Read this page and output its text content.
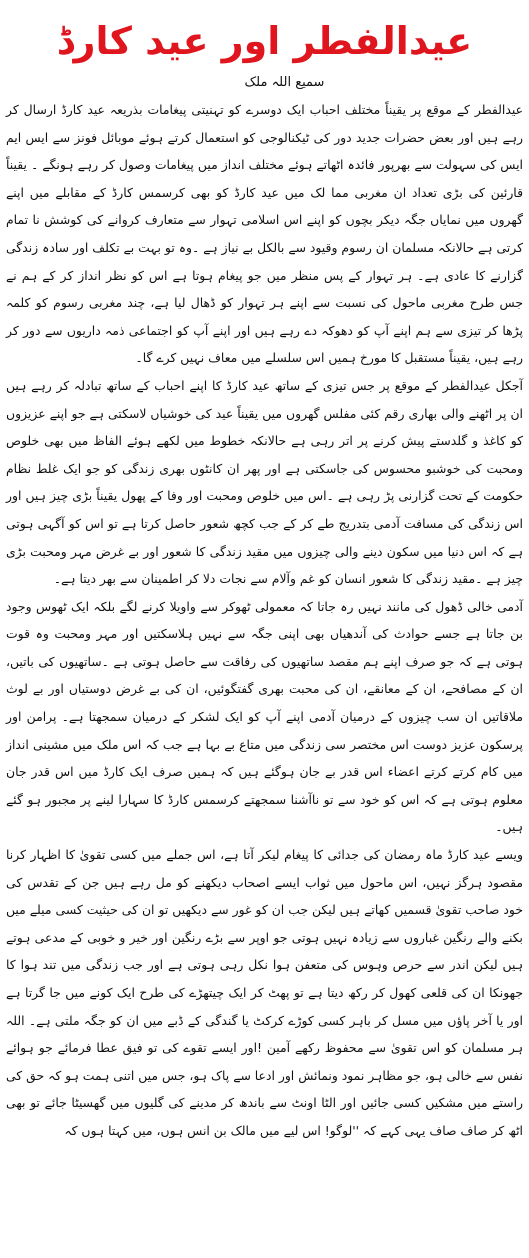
عیدالفطر اور عید کارڈ
سمیع اللہ ملک

عیدالفطر کے موقع پر یقیناً مختلف احباب ایک دوسرے کو تہنیتی پیغامات بذریعہ عید کارڈ ارسال کر رہے ہیں اور بعض حضرات جدید دور کی ٹیکنالوجی کو استعمال کرتے ہوئے موبائل فونز سے ایس ایم ایس کی سہولت سے بھرپور فائدہ اٹھاتے ہوئے مختلف انداز میں پیغامات وصول کر رہے ہونگے ۔ یقیناً قارئین کی بڑی تعداد ان مغربی مما لک میں عید کارڈ کو بھی کرسمس کارڈ کے مقابلے میں اپنے گھروں میں نمایاں جگہ دیکر بچوں کو اپنے اس اسلامی تہوار سے متعارف کروانے کی کوشش نا تمام کرتی ہے حالانکہ مسلمان ان رسوم وقیود سے بالکل بے نیاز ہے ۔وہ تو بہت بے تکلف اور سادہ زندگی گزارنے کا عادی ہے۔ ہر تہوار کے پس منظر میں جو پیغام ہوتا ہے اس کو نظر انداز کر کے ہم نے جس طرح مغربی ماحول کی نسبت سے اپنے ہر تہوار کو ڈھال لیا ہے، چند مغربی رسوم کو کلمہ پڑھا کر تیزی سے ہم اپنے آپ کو دھوکہ دے رہے ہیں اور اپنے آپ کو اجتماعی ذمہ داریوں سے دور کر رہے ہیں، یقیناً مستقبل کا مورخ ہمیں اس سلسلے میں معاف نہیں کرے گا۔

آجکل عیدالفطر کے موقع پر جس تیزی کے ساتھ عید کارڈ کا اپنے احباب کے ساتھ تبادلہ کر رہے ہیں ان پر اٹھنے والی بھاری رقم کئی مفلس گھروں میں یقیناً عید کی خوشیاں لاسکتی ہے جو اپنے عزیزوں کو کاغذ و گلدستے پیش کرنے پر اتر رہی ہے حالانکہ خطوط میں لکھے ہوئے الفاظ میں بھی خلوص ومحبت کی خوشبو محسوس کی جاسکتی ہے اور پھر ان کانٹوں بھری زندگی کو جو ایک غلط نظام حکومت کے تحت گزارنی پڑ رہی ہے ۔اس میں خلوص ومحبت اور وفا کے پھول یقیناً بڑی چیز ہیں اور اس زندگی کی مسافت آدمی بتدریج طے کر کے جب کچھ شعور حاصل کرتا ہے تو اس کو آگہی ہوتی ہے کہ اس دنیا میں سکون دینے والی چیزوں میں مقید زندگی کا شعور اور بے غرض مہر ومحبت بڑی چیز ہے ۔مقید زندگی کا شعور انسان کو غم وآلام سے نجات دلا کر اطمینان سے بھر دیتا ہے۔

آدمی خالی ڈھول کی مانند نہیں رہ جاتا کہ معمولی ٹھوکر سے واویلا کرنے لگے بلکہ ایک ٹھوس وجود بن جاتا ہے جسے حوادث کی آندھیاں بھی اپنی جگہ سے نہیں ہلاسکتیں اور مہر ومحبت وہ قوت ہوتی ہے کہ جو صرف اپنے ہم مقصد ساتھیوں کی رفاقت سے حاصل ہوتی ہے ۔ساتھیوں کی باتیں، ان کے مصافحے، ان کے معانقے، ان کی محبت بھری گفتگوئیں، ان کی بے غرض دوستیاں اور بے لوث ملاقاتیں ان سب چیزوں کے درمیان آدمی اپنے آپ کو ایک لشکر کے درمیان سمجھتا ہے۔ پرامن اور پرسکون عزیز دوست اس مختصر سی زندگی میں متاع بے بہا ہے جب کہ اس ملک میں مشینی انداز میں کام کرتے کرتے اعضاء اس قدر بے جان ہوگئے ہیں کہ ہمیں صرف ایک کارڈ میں اس قدر جان معلوم ہوتی ہے کہ اس کو خود سے تو ناآشنا سمجھتے کرسمس کارڈ کا سہارا لینے پر مجبور ہو گئے ہیں۔

ویسے عید کارڈ ماہ رمضان کی جدائی کا پیغام لیکر آتا ہے، اس جملے میں کسی تقویٰ کا اظہار کرنا مقصود ہرگز نہیں، اس ماحول میں ثواب ایسے اصحاب دیکھنے کو مل رہے ہیں جن کے تقدس کی خود صاحب تقویٰ قسمیں کھاتے ہیں لیکن جب ان کو غور سے دیکھیں تو ان کی حیثیت کسی میلے میں بکنے والے رنگین غباروں سے زیادہ نہیں ہوتی جو اوپر سے بڑے رنگین اور خیر و خوبی کے مدعی ہوتے ہیں لیکن اندر سے حرص وہوس کی متعفن ہوا نکل رہی ہوتی ہے اور جب زندگی میں تند ہوا کا جھونکا ان کی قلعی کھول کر رکھ دیتا ہے تو پھٹ کر ایک چیتھڑے کی طرح ایک کونے میں جا گرتا ہے اور یا آخر پاؤں میں مسل کر باہر کسی کوڑے کرکٹ یا گندگی کے ڈبے میں ان کو جگہ ملتی ہے۔ اللہ ہر مسلمان کو اس تقویٰ سے محفوظ رکھے آمین !اور ایسے تقوے کی تو فیق عطا فرمائے جو ہوائے نفس سے خالی ہو، جو مظاہر نمود ونمائش اور ادعا سے پاک ہو، جس میں اتنی ہمت ہو کہ حق کی راستے میں مشکیں کسی جائیں اور الٹا اونٹ سے باندھ کر مدینے کی گلیوں میں گھسیٹا جائے تو بھی اٹھ کر صاف صاف یہی کہے کہ ''لوگو! اس لیے میں مالک بن انس ہوں، میں کہتا ہوں کہ
